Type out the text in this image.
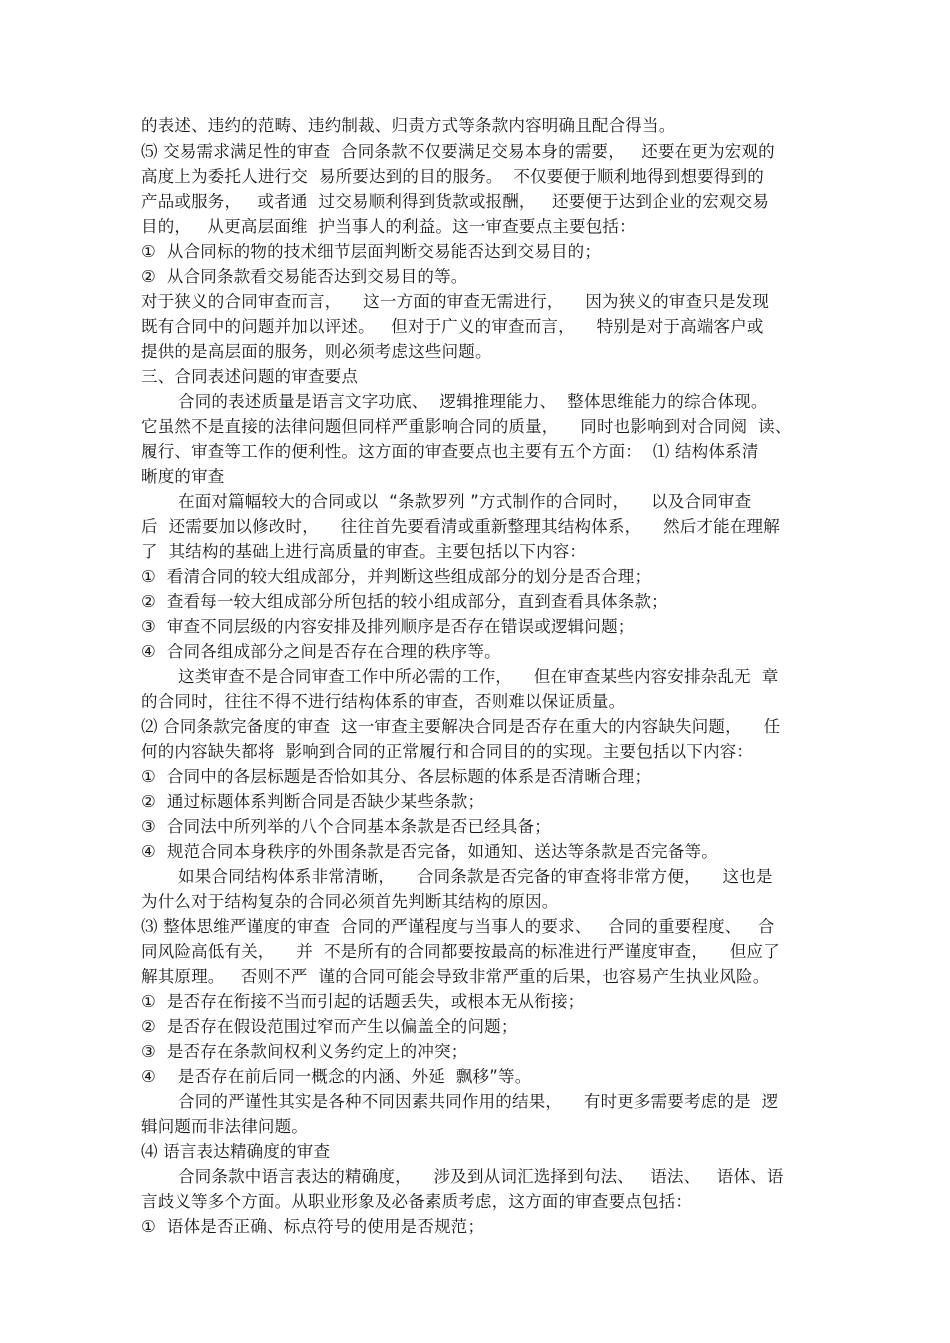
的表述、违约的范畴、违约制裁、归责方式等条款内容明确且配合得当。
⑸ 交易需求满足性的审查  合同条款不仅要满足交易本身的需要，   还要在更为宏观的
高度上为委托人进行交  易所要达到的目的服务。  不仅要便于顺利地得到想要得到的
产品或服务，   或者通  过交易顺利得到货款或报酬，   还要便于达到企业的宏观交易
目的，   从更高层面维  护当事人的利益。这一审查要点主要包括：
①  从合同标的物的技术细节层面判断交易能否达到交易目的；
②  从合同条款看交易能否达到交易目的等。
对于狭义的合同审查而言，    这一方面的审查无需进行，    因为狭义的审查只是发现
既有合同中的问题并加以评述。   但对于广义的审查而言，    特别是对于高端客户或
提供的是高层面的服务，则必须考虑这些问题。
三、合同表述问题的审查要点
合同的表述质量是语言文字功底、  逻辑推理能力、  整体思维能力的综合体现。
它虽然不是直接的法律问题但同样严重影响合同的质量，    同时也影响到对合同阅  读、
履行、审查等工作的便利性。这方面的审查要点也主要有五个方面：  ⑴ 结构体系清
晰度的审查
在面对篇幅较大的合同或以  “条款罗列 ”方式制作的合同时，    以及合同审查
后  还需要加以修改时，    往往首先要看清或重新整理其结构体系，    然后才能在理解
了  其结构的基础上进行高质量的审查。主要包括以下内容：
①  看清合同的较大组成部分，并判断这些组成部分的划分是否合理；
②  查看每一较大组成部分所包括的较小组成部分，直到查看具体条款；
③  审查不同层级的内容安排及排列顺序是否存在错误或逻辑问题；
④  合同各组成部分之间是否存在合理的秩序等。
这类审查不是合同审查工作中所必需的工作，    但在审查某些内容安排杂乱无  章
的合同时，往往不得不进行结构体系的审查，否则难以保证质量。
⑵ 合同条款完备度的审查  这一审查主要解决合同是否存在重大的内容缺失问题，    任
何的内容缺失都将  影响到合同的正常履行和合同目的的实现。主要包括以下内容：
①  合同中的各层标题是否恰如其分、各层标题的体系是否清晰合理；
②  通过标题体系判断合同是否缺少某些条款；
③  合同法中所列举的八个合同基本条款是否已经具备；
④  规范合同本身秩序的外围条款是否完备，如通知、送达等条款是否完备等。
如果合同结构体系非常清晰，    合同条款是否完备的审查将非常方便，    这也是
为什么对于结构复杂的合同必须首先判断其结构的原因。
⑶ 整体思维严谨度的审查  合同的严谨程度与当事人的要求、   合同的重要程度、   合
同风险高低有关，    并  不是所有的合同都要按最高的标准进行严谨度审查，    但应了
解其原理。   否则不严  谨的合同可能会导致非常严重的后果，也容易产生执业风险。
①  是否存在衔接不当而引起的话题丢失，或根本无从衔接；
②  是否存在假设范围过窄而产生以偏盖全的问题；
③  是否存在条款间权利义务约定上的冲突；
④    是否存在前后同一概念的内涵、外延  飘移”等。
合同的严谨性其实是各种不同因素共同作用的结果，    有时更多需要考虑的是  逻
辑问题而非法律问题。
⑷ 语言表达精确度的审查
合同条款中语言表达的精确度，    涉及到从词汇选择到句法、   语法、   语体、语
言歧义等多个方面。从职业形象及必备素质考虑，这方面的审查要点包括：
①  语体是否正确、标点符号的使用是否规范；
